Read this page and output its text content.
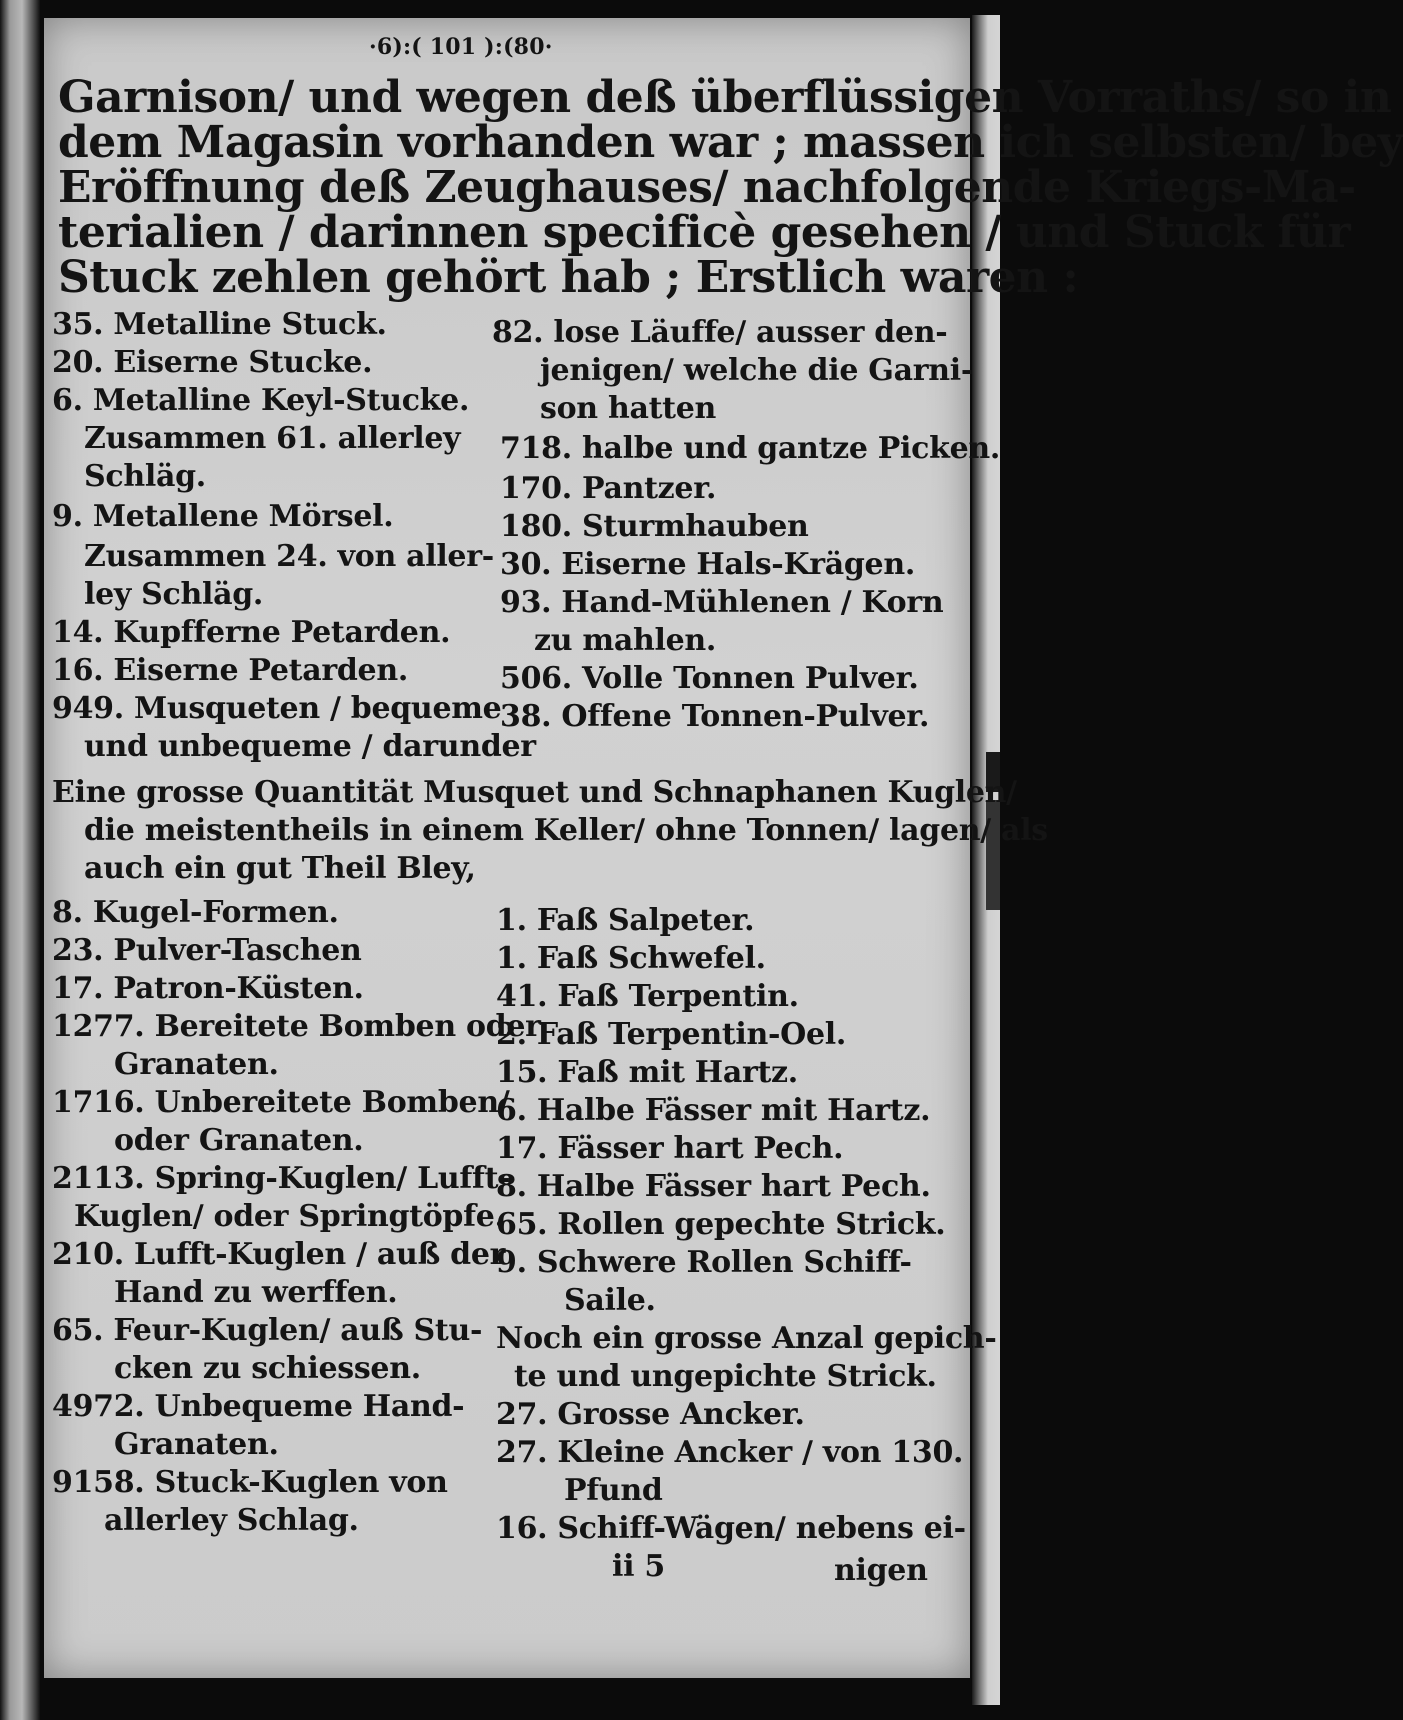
·6):( 101 ):(80·
Garnison/ und wegen deß überflüssigen Vorraths/ so in
dem Magasin vorhanden war ; massen ich selbsten/ bey
Eröffnung deß Zeughauses/ nachfolgende Kriegs-Ma-
terialien / darinnen specificè gesehen / und Stuck für
Stuck zehlen gehört hab ; Erstlich waren :
35. Metalline Stuck.
20. Eiserne Stucke.
6. Metalline Keyl-Stucke.
Zusammen 61. allerley
Schläg.
9. Metallene Mörsel.
Zusammen 24. von aller-
ley Schläg.
14. Kupfferne Petarden.
16. Eiserne Petarden.
949. Musqueten / bequeme
und unbequeme / darunder
82. lose Läuffe/ ausser den-
jenigen/ welche die Garni-
son hatten
718. halbe und gantze Picken.
170. Pantzer.
180. Sturmhauben
30. Eiserne Hals-Krägen.
93. Hand-Mühlenen / Korn
zu mahlen.
506. Volle Tonnen Pulver.
38. Offene Tonnen-Pulver.
Eine grosse Quantität Musquet und Schnaphanen Kuglen/
die meistentheils in einem Keller/ ohne Tonnen/ lagen/ als
auch ein gut Theil Bley,
8. Kugel-Formen.
23. Pulver-Taschen
17. Patron-Küsten.
1277. Bereitete Bomben oder
Granaten.
1716. Unbereitete Bomben/
oder Granaten.
2113. Spring-Kuglen/ Lufft-
Kuglen/ oder Springtöpfe.
210. Lufft-Kuglen / auß der
Hand zu werffen.
65. Feur-Kuglen/ auß Stu-
cken zu schiessen.
4972. Unbequeme Hand-
Granaten.
9158. Stuck-Kuglen von
allerley Schlag.
1. Faß Salpeter.
1. Faß Schwefel.
41. Faß Terpentin.
2. Faß Terpentin-Oel.
15. Faß mit Hartz.
6. Halbe Fässer mit Hartz.
17. Fässer hart Pech.
8. Halbe Fässer hart Pech.
65. Rollen gepechte Strick.
9. Schwere Rollen Schiff-
Saile.
Noch ein grosse Anzal gepich-
te und ungepichte Strick.
27. Grosse Ancker.
27. Kleine Ancker / von 130.
Pfund
16. Schiff-Wägen/ nebens ei-
ii 5	nigen
